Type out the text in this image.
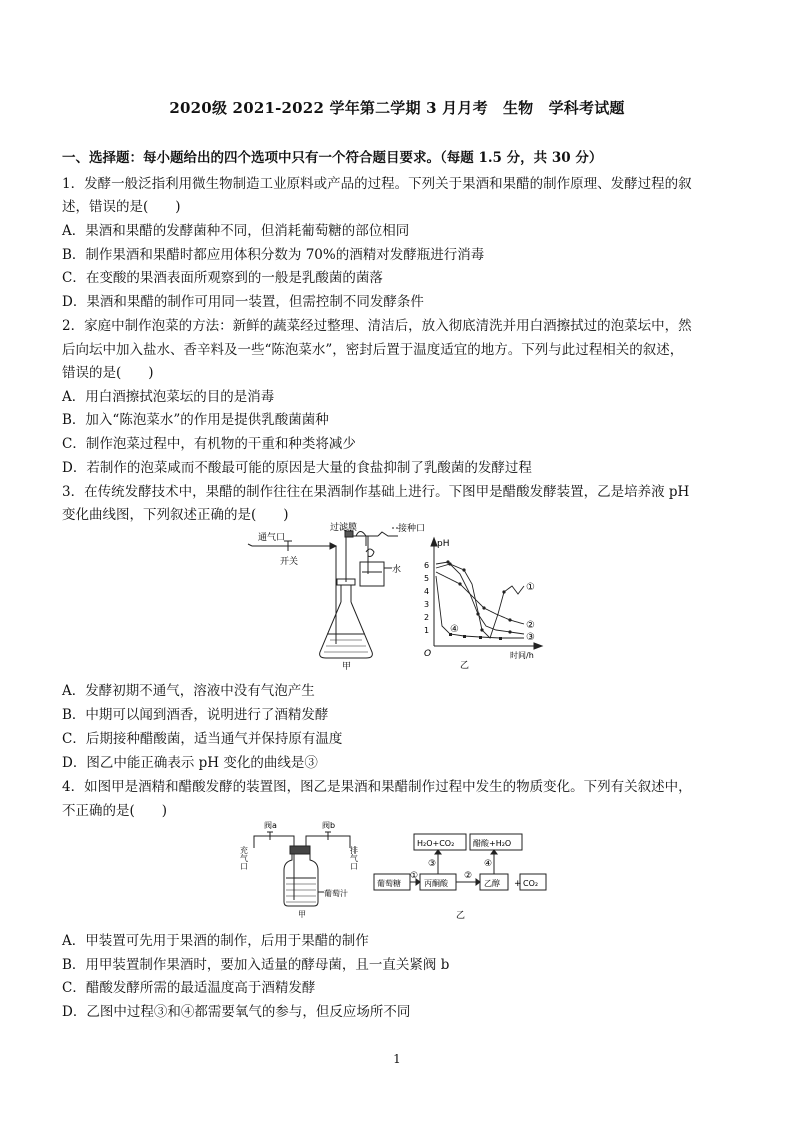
2020级 2021-2022 学年第二学期 3 月月考　生物　学科考试题
一、选择题：每小题给出的四个选项中只有一个符合题目要求。（每题 1.5 分，共 30 分）
1．发酵一般泛指利用微生物制造工业原料或产品的过程。下列关于果酒和果醋的制作原理、发酵过程的叙
述，错误的是(　　)
A．果酒和果醋的发酵菌种不同，但消耗葡萄糖的部位相同
B．制作果酒和果醋时都应用体积分数为 70%的酒精对发酵瓶进行消毒
C．在变酸的果酒表面所观察到的一般是乳酸菌的菌落
D．果酒和果醋的制作可用同一装置，但需控制不同发酵条件
2．家庭中制作泡菜的方法：新鲜的蔬菜经过整理、清洁后，放入彻底清洗并用白酒擦拭过的泡菜坛中，然
后向坛中加入盐水、香辛料及一些“陈泡菜水”，密封后置于温度适宜的地方。下列与此过程相关的叙述，
错误的是(　　)
A．用白酒擦拭泡菜坛的目的是消毒
B．加入“陈泡菜水”的作用是提供乳酸菌菌种
C．制作泡菜过程中，有机物的干重和种类将减少
D．若制作的泡菜咸而不酸最可能的原因是大量的食盐抑制了乳酸菌的发酵过程
3．在传统发酵技术中，果醋的制作往往在果酒制作基础上进行。下图甲是醋酸发酵装置，乙是培养液 pH
变化曲线图，下列叙述正确的是(　　)
通气口
开关
过滤膜	接种口
水
甲
pH
6
5
4
3
2
1
O	时间/h
①
②
③
④
乙
A．发酵初期不通气，溶液中没有气泡产生
B．中期可以闻到酒香，说明进行了酒精发酵
C．后期接种醋酸菌，适当通气并保持原有温度
D．图乙中能正确表示 pH 变化的曲线是③
4．如图甲是酒精和醋酸发酵的装置图，图乙是果酒和果醋制作过程中发生的物质变化。下列有关叙述中，
不正确的是(　　)
阀a	阀b
充气口	排气口
葡萄汁
甲
+
葡萄糖	丙酮酸	乙醇	CO₂
H₂O+CO₂ 醋酸+H₂O
①	②
③	④
乙
A．甲装置可先用于果酒的制作，后用于果醋的制作
B．用甲装置制作果酒时，要加入适量的酵母菌，且一直关紧阀 b
C．醋酸发酵所需的最适温度高于酒精发酵
D．乙图中过程③和④都需要氧气的参与，但反应场所不同
1
